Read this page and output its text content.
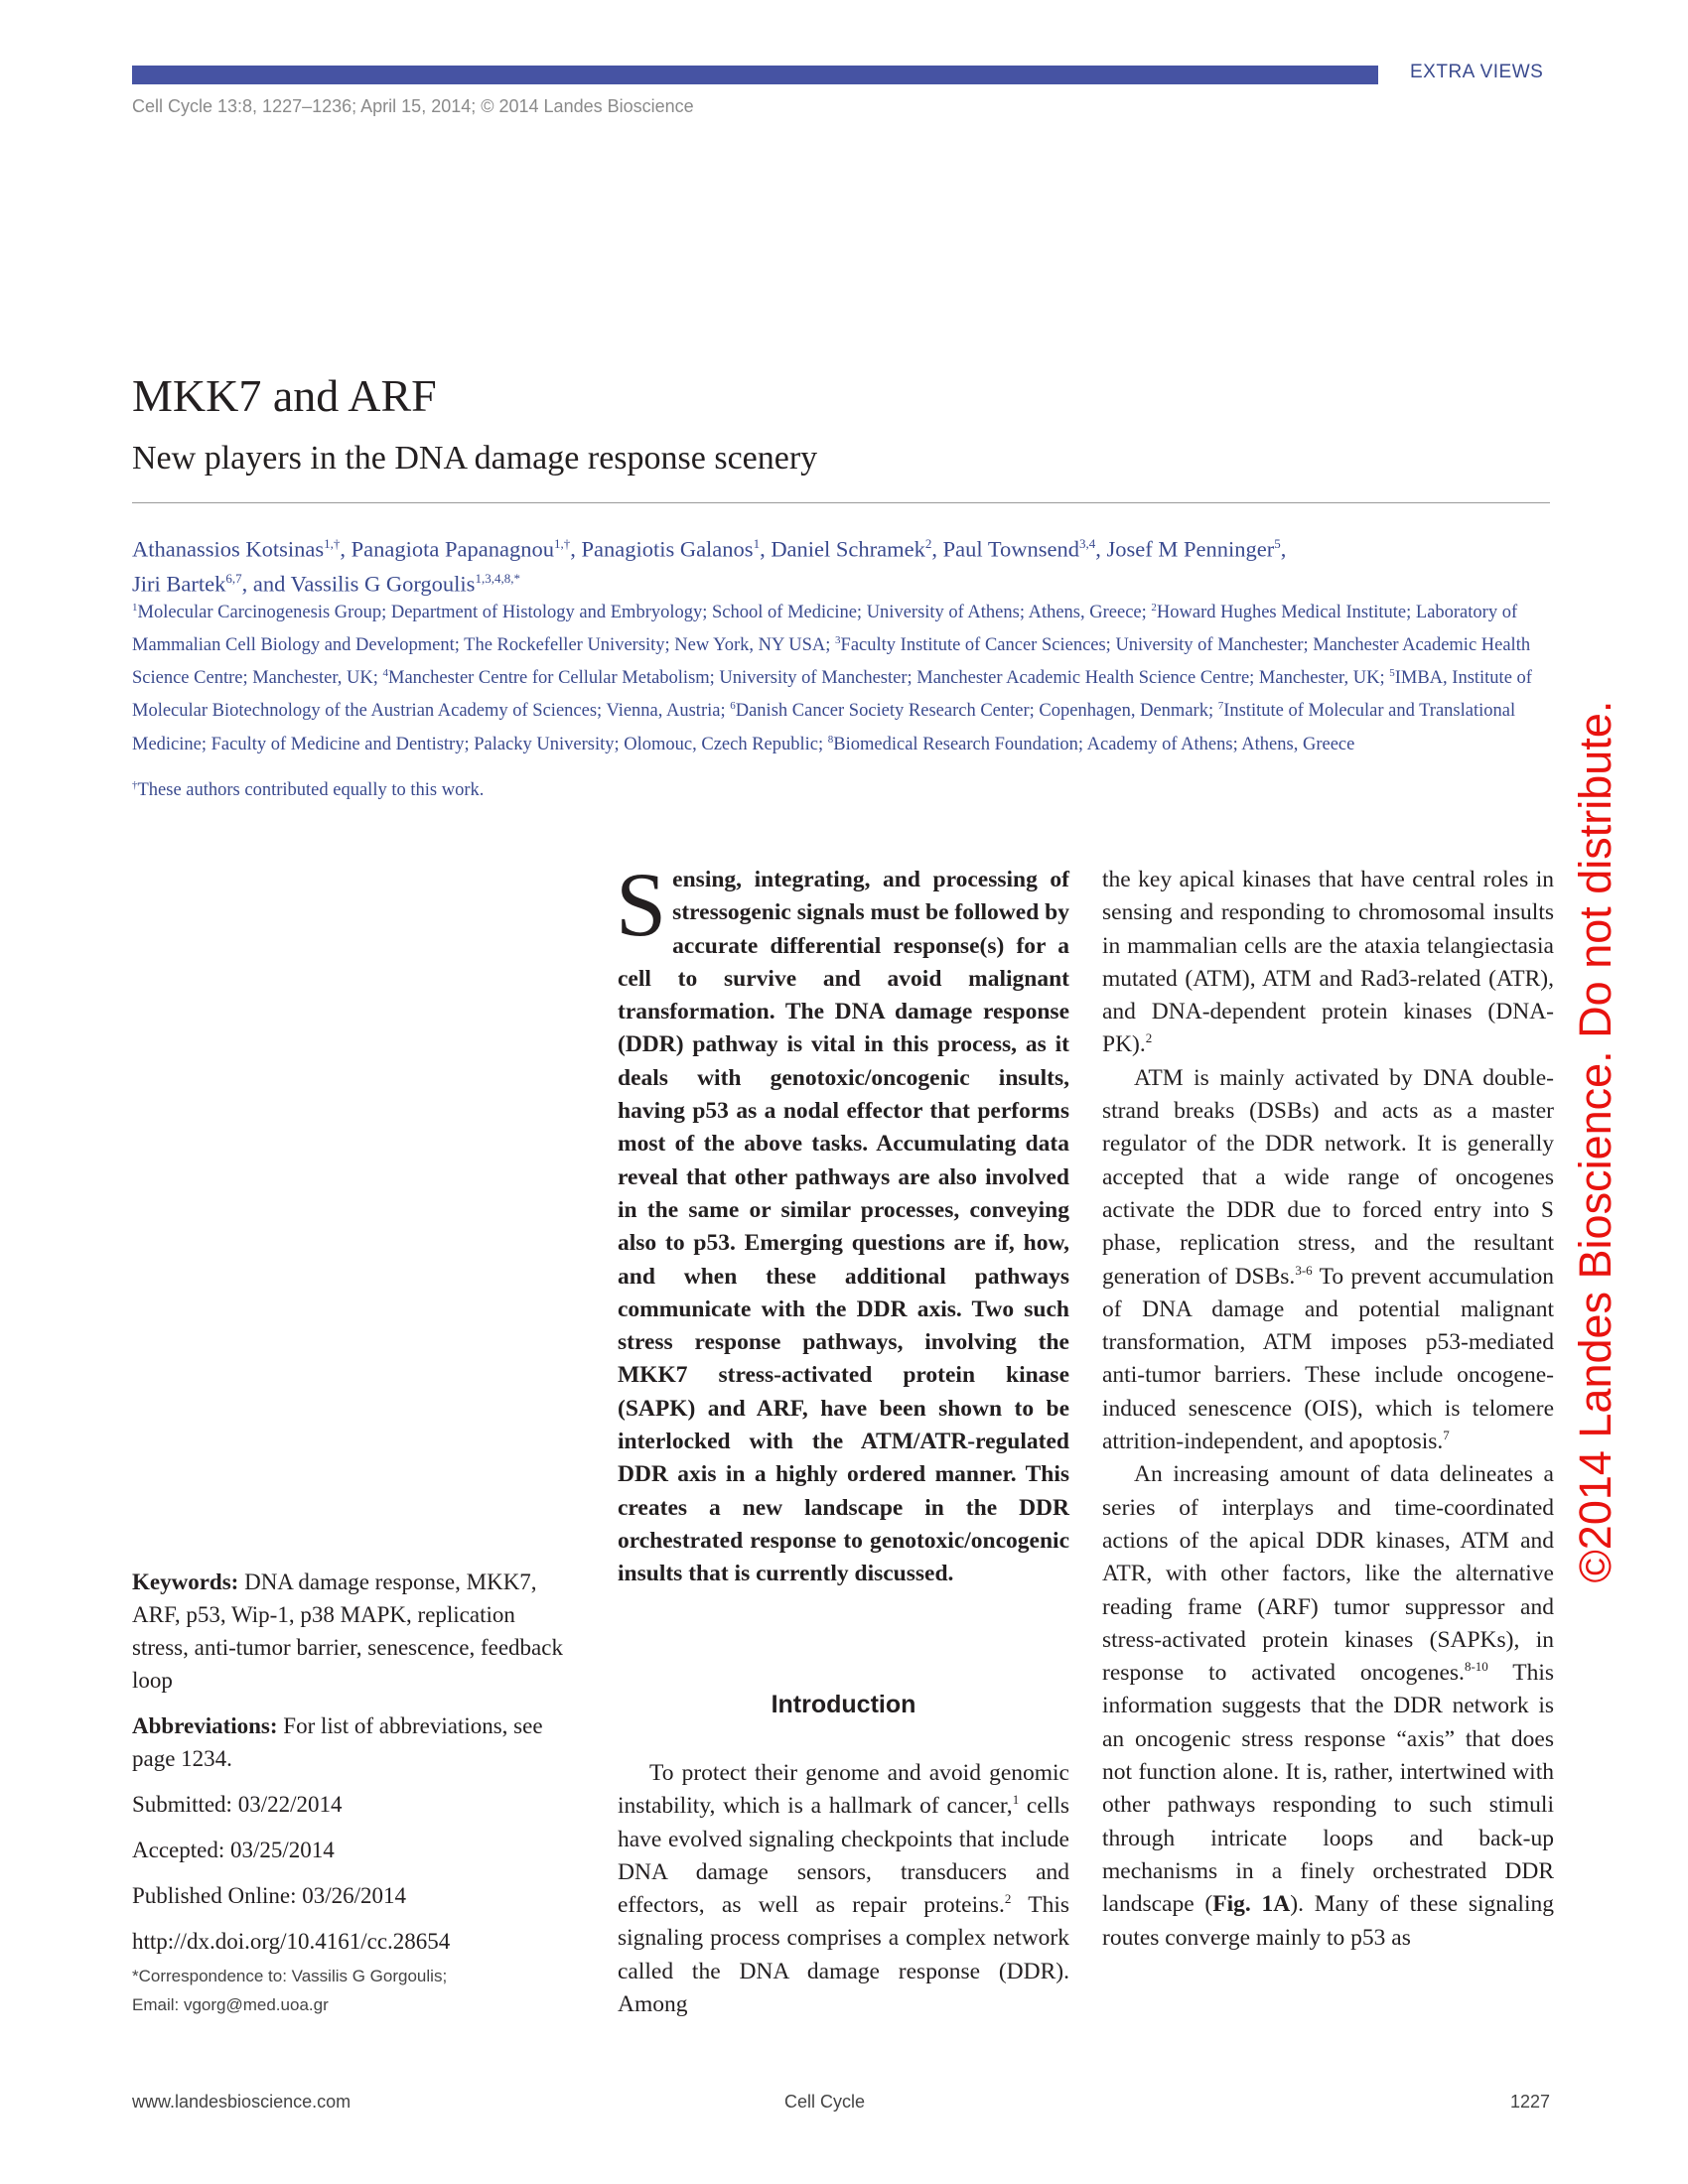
EXTRA VIEWS
Cell Cycle 13:8, 1227–1236; April 15, 2014; © 2014 Landes Bioscience
MKK7 and ARF
New players in the DNA damage response scenery
Athanassios Kotsinas$^{1,\dagger}$, Panagiota Papanagnou$^{1,\dagger}$, Panagiotis Galanos$^1$, Daniel Schramek$^2$, Paul Townsend$^{3,4}$, Josef M Penninger$^5$,
Jiri Bartek$^{6,7}$, and Vassilis G Gorgoulis$^{1,3,4,8,*}$
$^1$Molecular Carcinogenesis Group; Department of Histology and Embryology; School of Medicine; University of Athens; Athens, Greece; $^2$Howard Hughes Medical Institute; Laboratory of Mammalian Cell Biology and Development; The Rockefeller University; New York, NY USA; $^3$Faculty Institute of Cancer Sciences; University of Manchester; Manchester Academic Health Science Centre; Manchester, UK; $^4$Manchester Centre for Cellular Metabolism; University of Manchester; Manchester Academic Health Science Centre; Manchester, UK; $^5$IMBA, Institute of Molecular Biotechnology of the Austrian Academy of Sciences; Vienna, Austria; $^6$Danish Cancer Society Research Center; Copenhagen, Denmark; $^7$Institute of Molecular and Translational Medicine; Faculty of Medicine and Dentistry; Palacky University; Olomouc, Czech Republic; $^8$Biomedical Research Foundation; Academy of Athens; Athens, Greece
†These authors contributed equally to this work.

Keywords: DNA damage response, MKK7, ARF, p53, Wip-1, p38 MAPK, replication stress, anti-tumor barrier, senescence, feedback loop

Abbreviations: For list of abbreviations, see page 1234.

Submitted: 03/22/2014

Accepted: 03/25/2014

Published Online: 03/26/2014

http://dx.doi.org/10.4161/cc.28654

*Correspondence to: Vassilis G Gorgoulis;
Email: vgorg@med.uoa.gr
Sensing, integrating, and processing of stressogenic signals must be followed by accurate differential response(s) for a cell to survive and avoid malignant transformation. The DNA damage response (DDR) pathway is vital in this process, as it deals with genotoxic/oncogenic insults, having p53 as a nodal effector that performs most of the above tasks. Accumulating data reveal that other pathways are also involved in the same or similar processes, conveying also to p53. Emerging questions are if, how, and when these additional pathways communicate with the DDR axis. Two such stress response pathways, involving the MKK7 stress-activated protein kinase (SAPK) and ARF, have been shown to be interlocked with the ATM/ATR-regulated DDR axis in a highly ordered manner. This creates a new landscape in the DDR orchestrated response to genotoxic/oncogenic insults that is currently discussed.
Introduction

To protect their genome and avoid genomic instability, which is a hallmark of cancer,$^1$ cells have evolved signaling checkpoints that include DNA damage sensors, transducers and effectors, as well as repair proteins.$^2$ This signaling process comprises a complex network called the DNA damage response (DDR). Among

the key apical kinases that have central roles in sensing and responding to chromosomal insults in mammalian cells are the ataxia telangiectasia mutated (ATM), ATM and Rad3-related (ATR), and DNA-dependent protein kinases (DNA-PK).$^2$

ATM is mainly activated by DNA double-strand breaks (DSBs) and acts as a master regulator of the DDR network. It is generally accepted that a wide range of oncogenes activate the DDR due to forced entry into S phase, replication stress, and the resultant generation of DSBs.$^{3-6}$ To prevent accumulation of DNA damage and potential malignant transformation, ATM imposes p53-mediated anti-tumor barriers. These include oncogene-induced senescence (OIS), which is telomere attrition-independent, and apoptosis.$^7$

An increasing amount of data delineates a series of interplays and time-coordinated actions of the apical DDR kinases, ATM and ATR, with other factors, like the alternative reading frame (ARF) tumor suppressor and stress-activated protein kinases (SAPKs), in response to activated oncogenes.$^{8-10}$ This information suggests that the DDR network is an oncogenic stress response “axis” that does not function alone. It is, rather, intertwined with other pathways responding to such stimuli through intricate loops and back-up mechanisms in a finely orchestrated DDR landscape (Fig. 1A). Many of these signaling routes converge mainly to p53 as

©2014 Landes Bioscience. Do not distribute.
www.landesbioscience.com	Cell Cycle	1227
